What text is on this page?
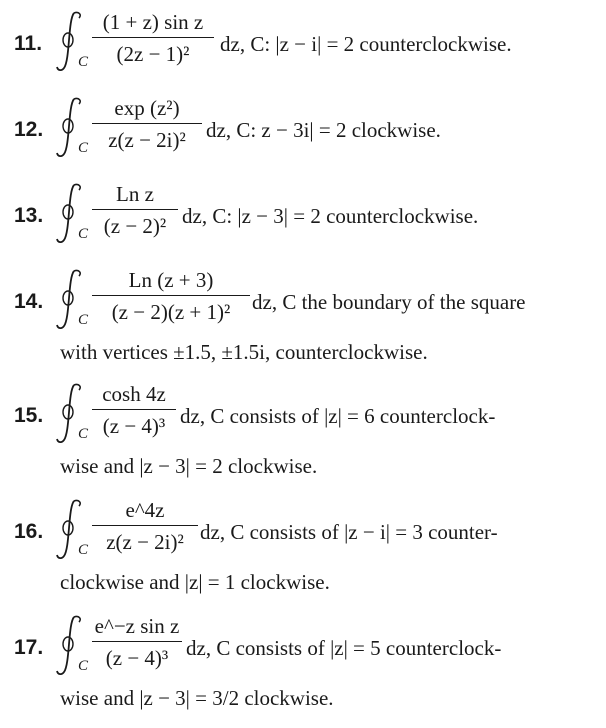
11.
C
(1 + z) sin z
(2z − 1)²	dz, C: |z − i| = 2 counterclockwise.
12.
C
exp (z²)
z(z − 2i)² dz, C: z − 3i| = 2 clockwise.
13.
C
Ln z
(z − 2)² dz, C: |z − 3| = 2 counterclockwise.
14.
C
Ln (z + 3)
(z − 2)(z + 1)²	dz, C the boundary of the square
with vertices ±1.5, ±1.5i, counterclockwise.
15.
C
cosh 4z
(z − 4)³ dz, C consists of |z| = 6 counterclock-
wise and |z − 3| = 2 clockwise.
16.
C
e^4z
z(z − 2i)² dz, C consists of |z − i| = 3 counter-
clockwise and |z| = 1 clockwise.
17.
C
e^−z sin z
(z − 4)³ dz, C consists of |z| = 5 counterclock-
wise and |z − 3| = 3/2 clockwise.
